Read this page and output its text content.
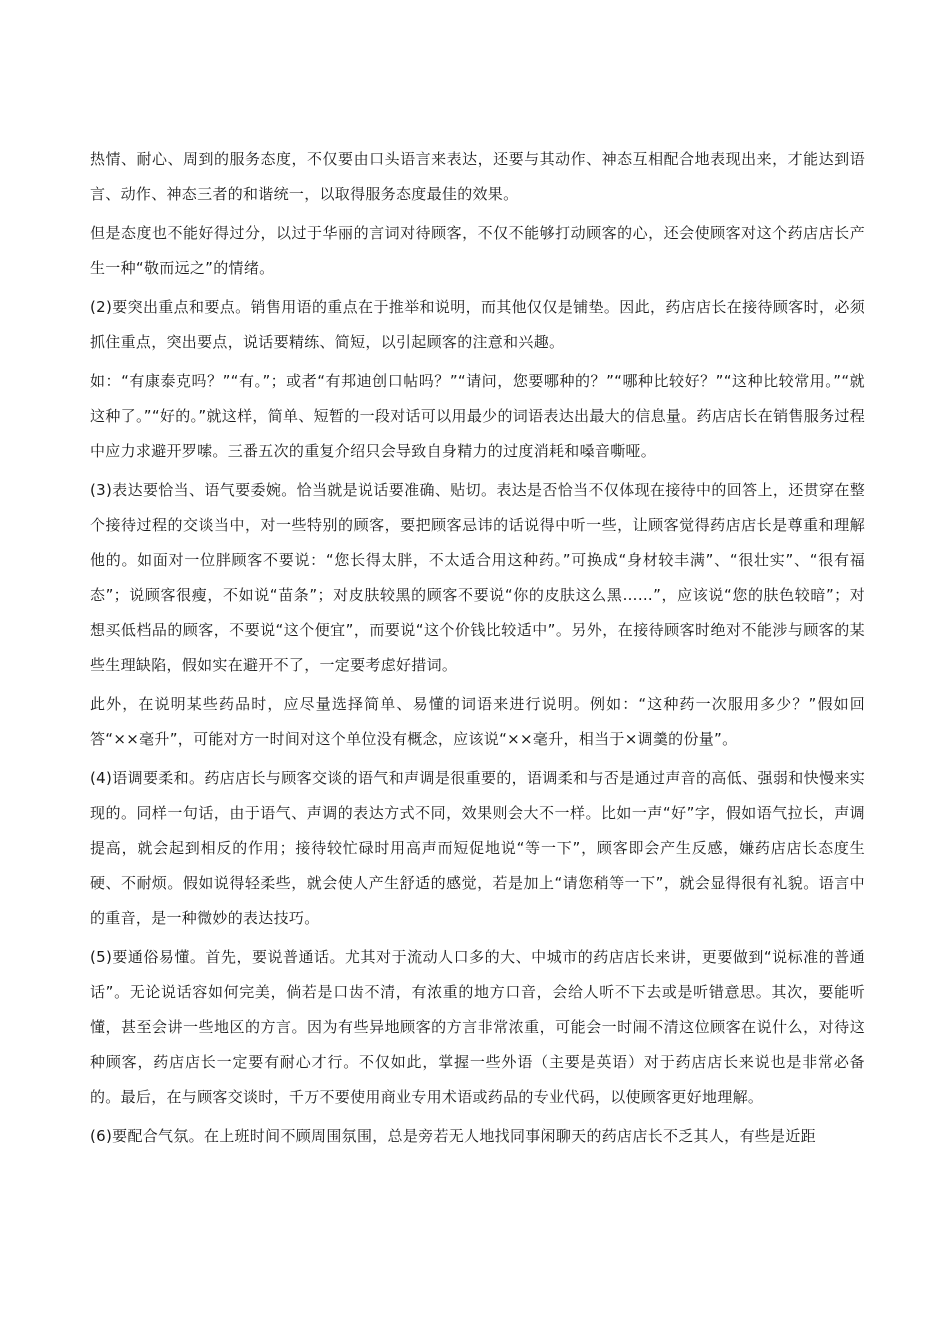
热情、耐心、周到的服务态度，不仅要由口头语言来表达，还要与其动作、神态互相配合地表现出来，才能达到语言、动作、神态三者的和谐统一，以取得服务态度最佳的效果。

但是态度也不能好得过分，以过于华丽的言词对待顾客，不仅不能够打动顾客的心，还会使顾客对这个药店店长产生一种“敬而远之”的情绪。

(2)要突出重点和要点。销售用语的重点在于推举和说明，而其他仅仅是铺垫。因此，药店店长在接待顾客时，必须抓住重点，突出要点，说话要精练、简短，以引起顾客的注意和兴趣。

如：“有康泰克吗？”“有。”；或者“有邦迪创口帖吗？”“请问，您要哪种的？”“哪种比较好？”“这种比较常用。”“就这种了。”“好的。”就这样，简单、短暂的一段对话可以用最少的词语表达出最大的信息量。药店店长在销售服务过程中应力求避开罗嗦。三番五次的重复介绍只会导致自身精力的过度消耗和嗓音嘶哑。

(3)表达要恰当、语气要委婉。恰当就是说话要准确、贴切。表达是否恰当不仅体现在接待中的回答上，还贯穿在整个接待过程的交谈当中，对一些特别的顾客，要把顾客忌讳的话说得中听一些，让顾客觉得药店店长是尊重和理解他的。如面对一位胖顾客不要说：“您长得太胖，不太适合用这种药。”可换成“身材较丰满”、“很壮实”、“很有福态”；说顾客很瘦，不如说“苗条”；对皮肤较黑的顾客不要说“你的皮肤这么黑……”，应该说“您的肤色较暗”；对想买低档品的顾客，不要说“这个便宜”，而要说“这个价钱比较适中”。另外，在接待顾客时绝对不能涉与顾客的某些生理缺陷，假如实在避开不了，一定要考虑好措词。

此外，在说明某些药品时，应尽量选择简单、易懂的词语来进行说明。例如：“这种药一次服用多少？”假如回答“××毫升”，可能对方一时间对这个单位没有概念，应该说“××毫升，相当于×调羹的份量”。

(4)语调要柔和。药店店长与顾客交谈的语气和声调是很重要的，语调柔和与否是通过声音的高低、强弱和快慢来实现的。同样一句话，由于语气、声调的表达方式不同，效果则会大不一样。比如一声“好”字，假如语气拉长，声调提高，就会起到相反的作用；接待较忙碌时用高声而短促地说“等一下”，顾客即会产生反感，嫌药店店长态度生硬、不耐烦。假如说得轻柔些，就会使人产生舒适的感觉，若是加上“请您稍等一下”，就会显得很有礼貌。语言中的重音，是一种微妙的表达技巧。

(5)要通俗易懂。首先，要说普通话。尤其对于流动人口多的大、中城市的药店店长来讲，更要做到“说标准的普通话”。无论说话容如何完美，倘若是口齿不清，有浓重的地方口音，会给人听不下去或是听错意思。其次，要能听懂，甚至会讲一些地区的方言。因为有些异地顾客的方言非常浓重，可能会一时闹不清这位顾客在说什么，对待这种顾客，药店店长一定要有耐心才行。不仅如此，掌握一些外语（主要是英语）对于药店店长来说也是非常必备的。最后，在与顾客交谈时，千万不要使用商业专用术语或药品的专业代码，以使顾客更好地理解。

(6)要配合气氛。在上班时间不顾周围氛围，总是旁若无人地找同事闲聊天的药店店长不乏其人，有些是近距
